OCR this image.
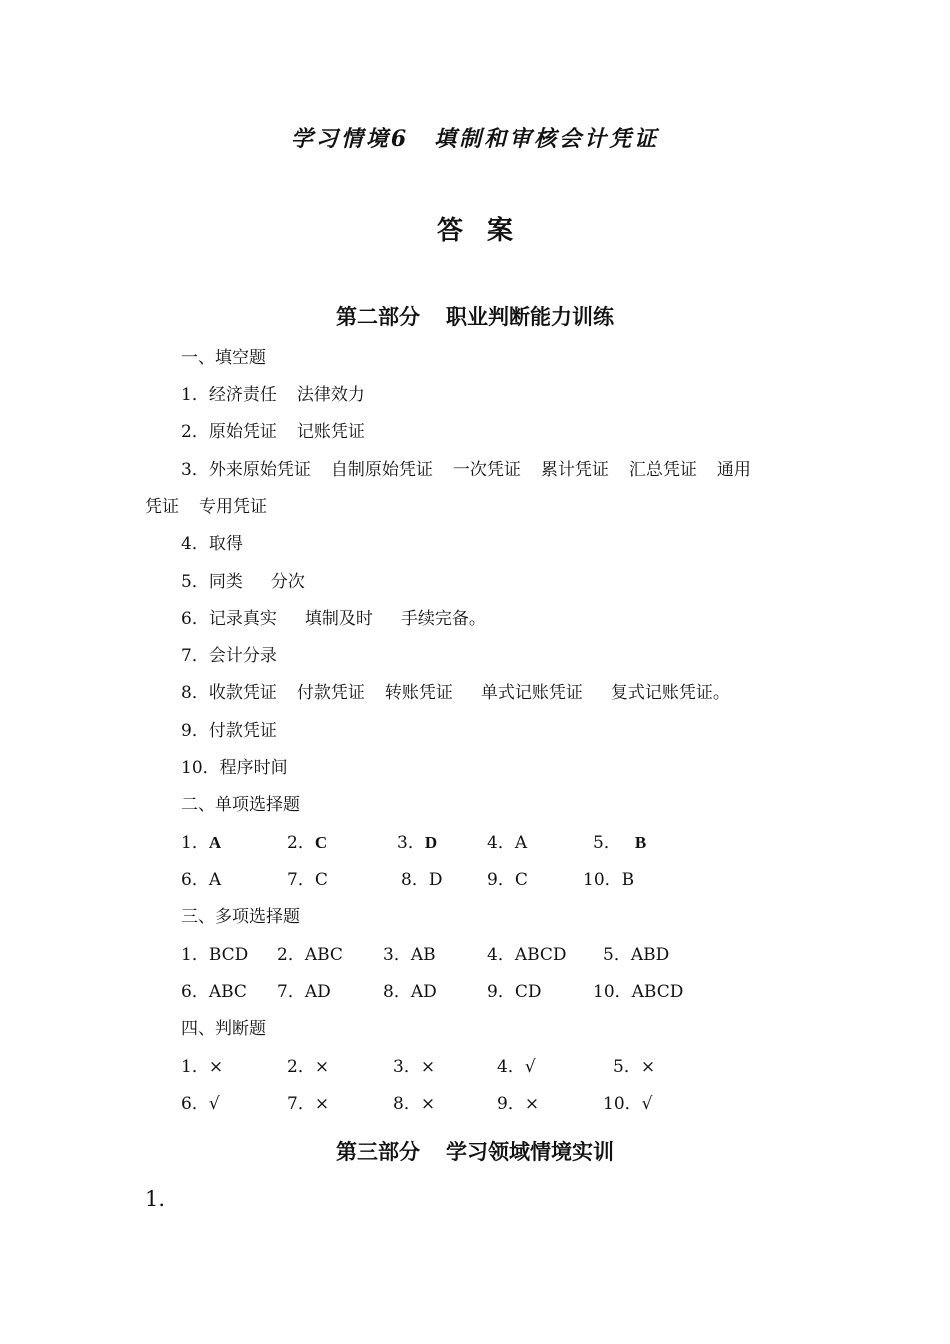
学习情境6　填制和审核会计凭证
答 案
第二部分 职业判断能力训练
一、填空题
1．经济责任 法律效力
2．原始凭证 记账凭证
3．外来原始凭证 自制原始凭证 一次凭证 累计凭证 汇总凭证 通用
凭证 专用凭证
4．取得
5．同类 分次
6．记录真实 填制及时 手续完备。
7．会计分录
8．收款凭证 付款凭证 转账凭证 单式记账凭证 复式记账凭证。
9．付款凭证
10．程序时间
二、单项选择题
1．A	2．C	3．D	4．A	5． B
6．A	7．C	8．D	9．C	10．B
三、多项选择题
1．BCD 2．ABC 3．AB	4．ABCD 5．ABD
6．ABC 7．AD	8．AD	9．CD	10．ABCD
四、判断题
1．×	2．×	3．×	4．√	5．×
6．√	7．×	8．×	9．×	10．√
第三部分 学习领域情境实训
1.
